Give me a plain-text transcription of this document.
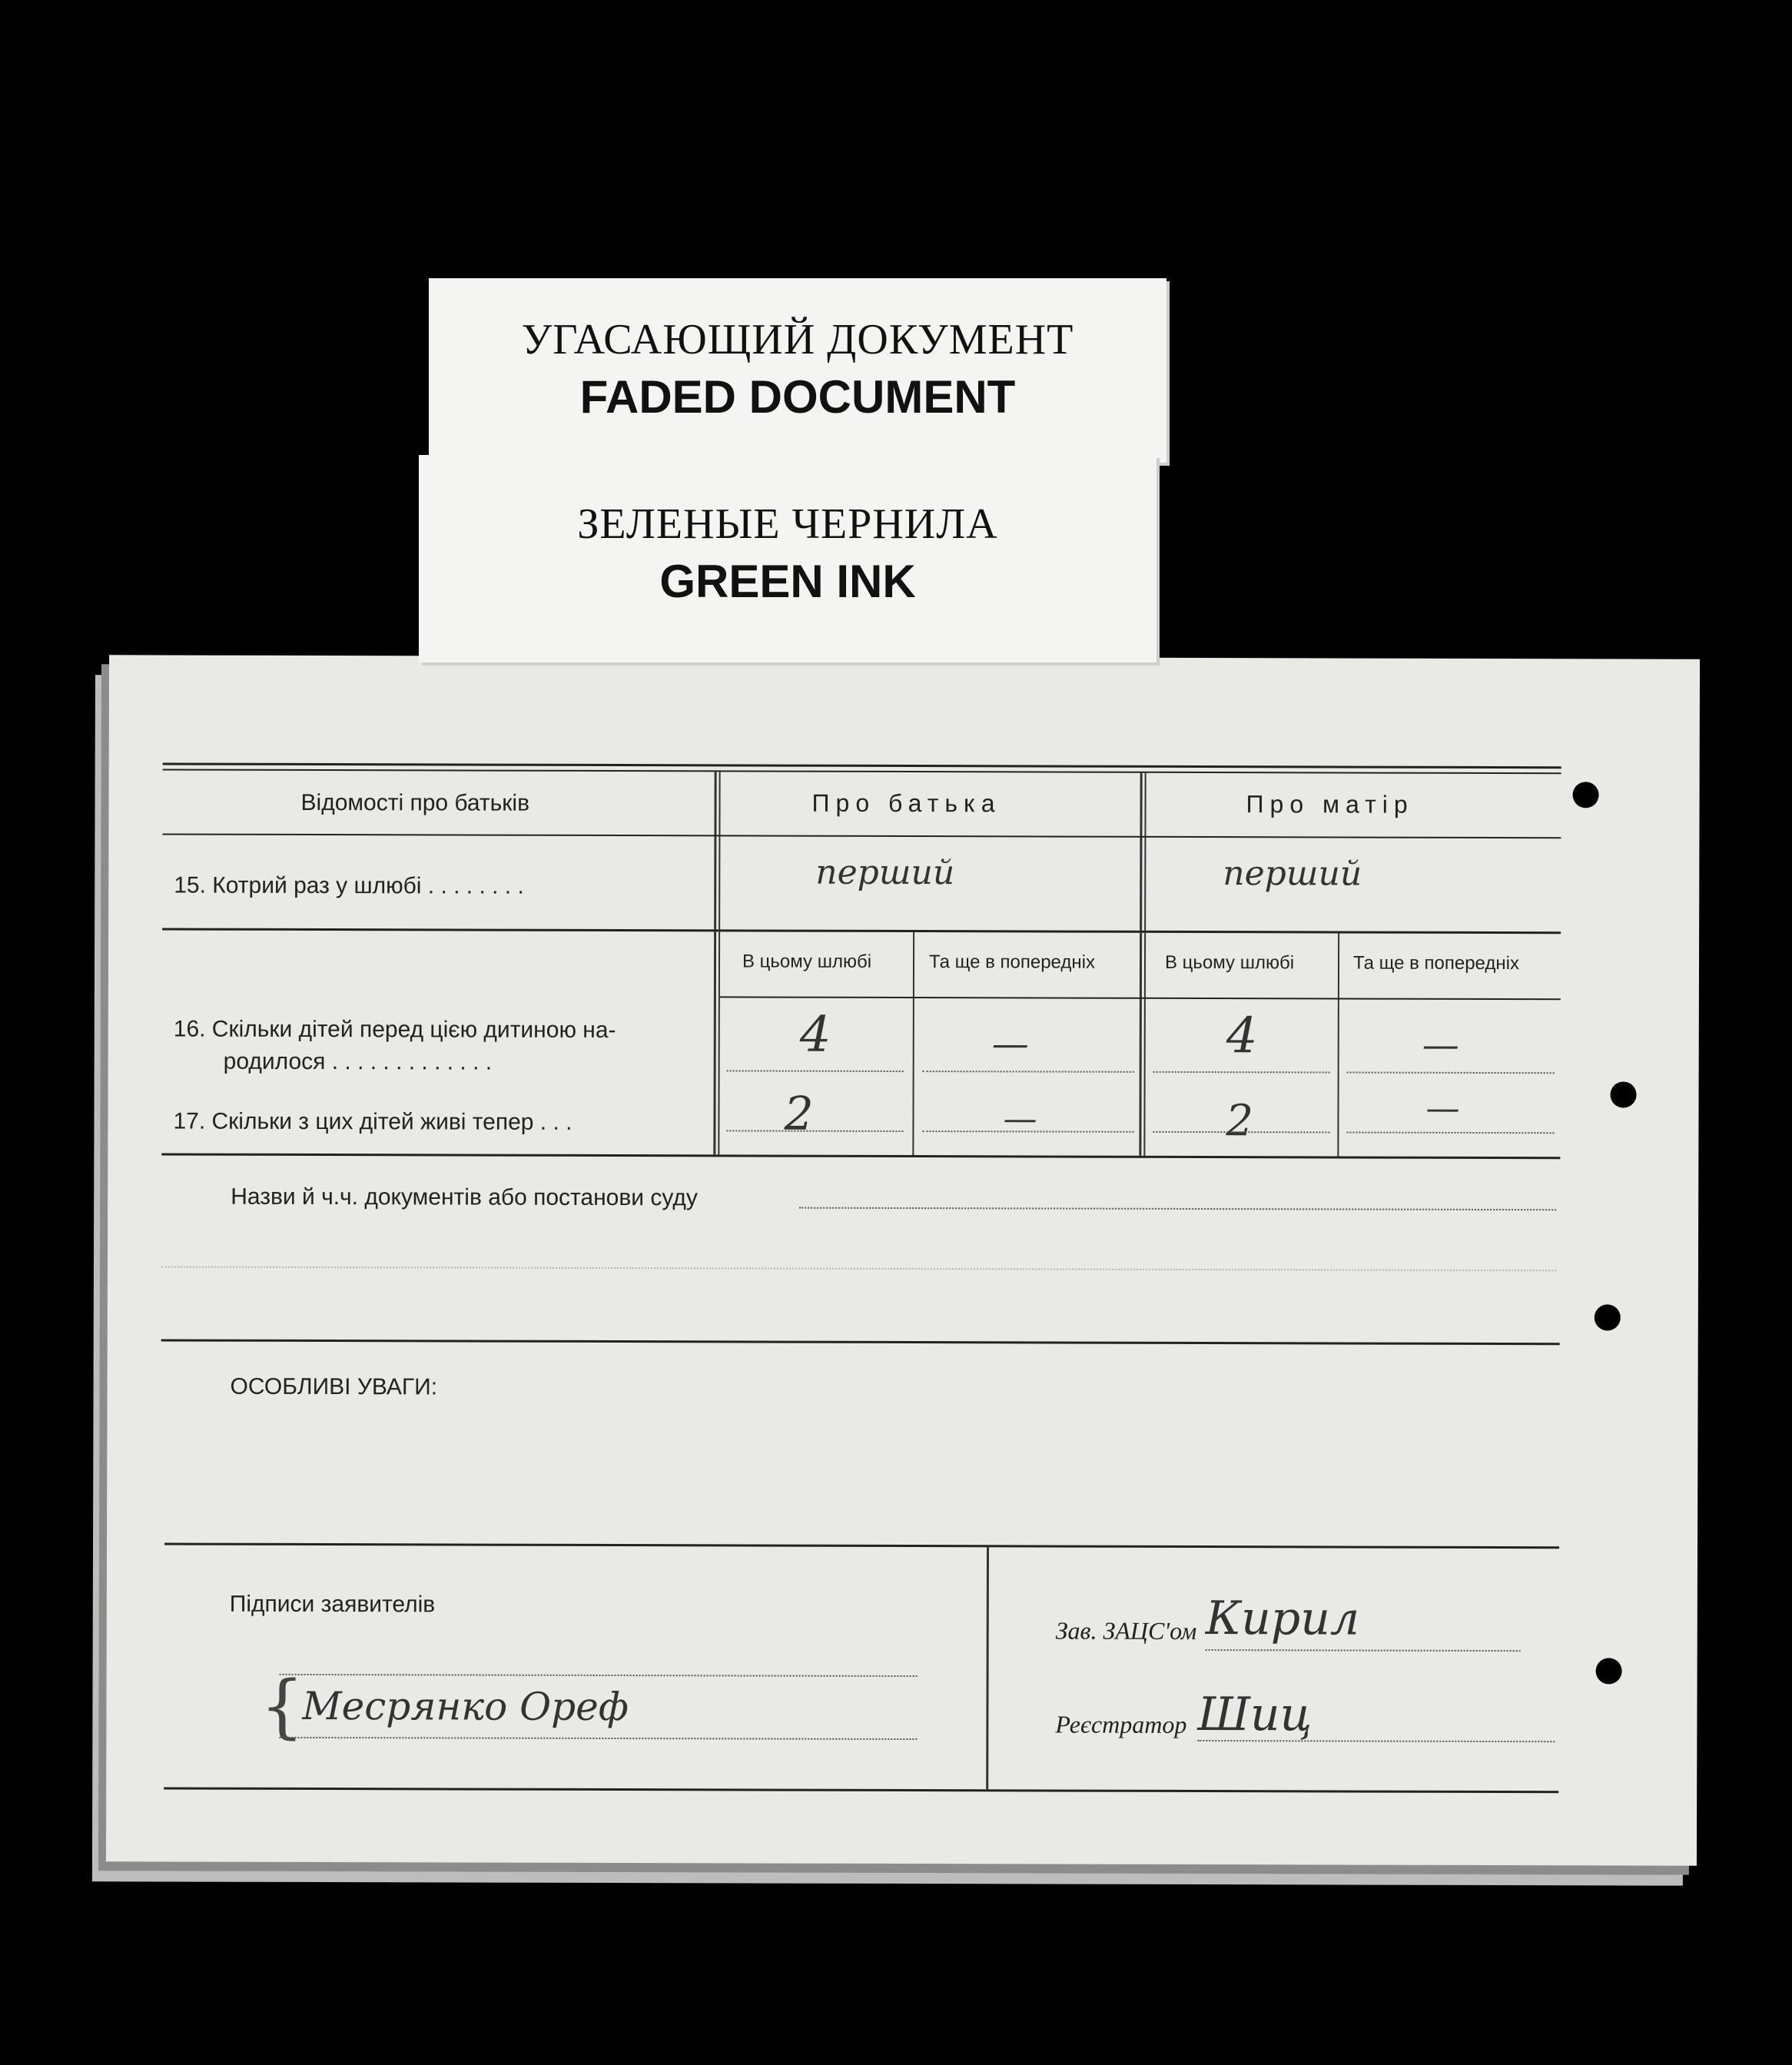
УГАСАЮЩИЙ ДОКУМЕНТ
FADED DOCUMENT
ЗЕЛЕНЫЕ ЧЕРНИЛА
GREEN INK
Відомості про батьків	Про батька	Про матір
15. Котрий раз у шлюбі . . . . . . . .	перший	перший
В цьому шлюбі	Та ще в попередніх	В цьому шлюбі	Та ще в попередніх
16. Скільки дітей перед цією дитиною на-
родилося . . . . . . . . . . . . .	4	—	4	—
17. Скільки з цих дітей живі тепер . . .	2	—	2	—
Назви й ч.ч. документів або постанови суду
ОСОБЛИВІ УВАГИ:
Підписи заявителів
Месрянко Ореф
{
Зав. ЗАЦС'ом Кирил
Реєстратор Шиц
